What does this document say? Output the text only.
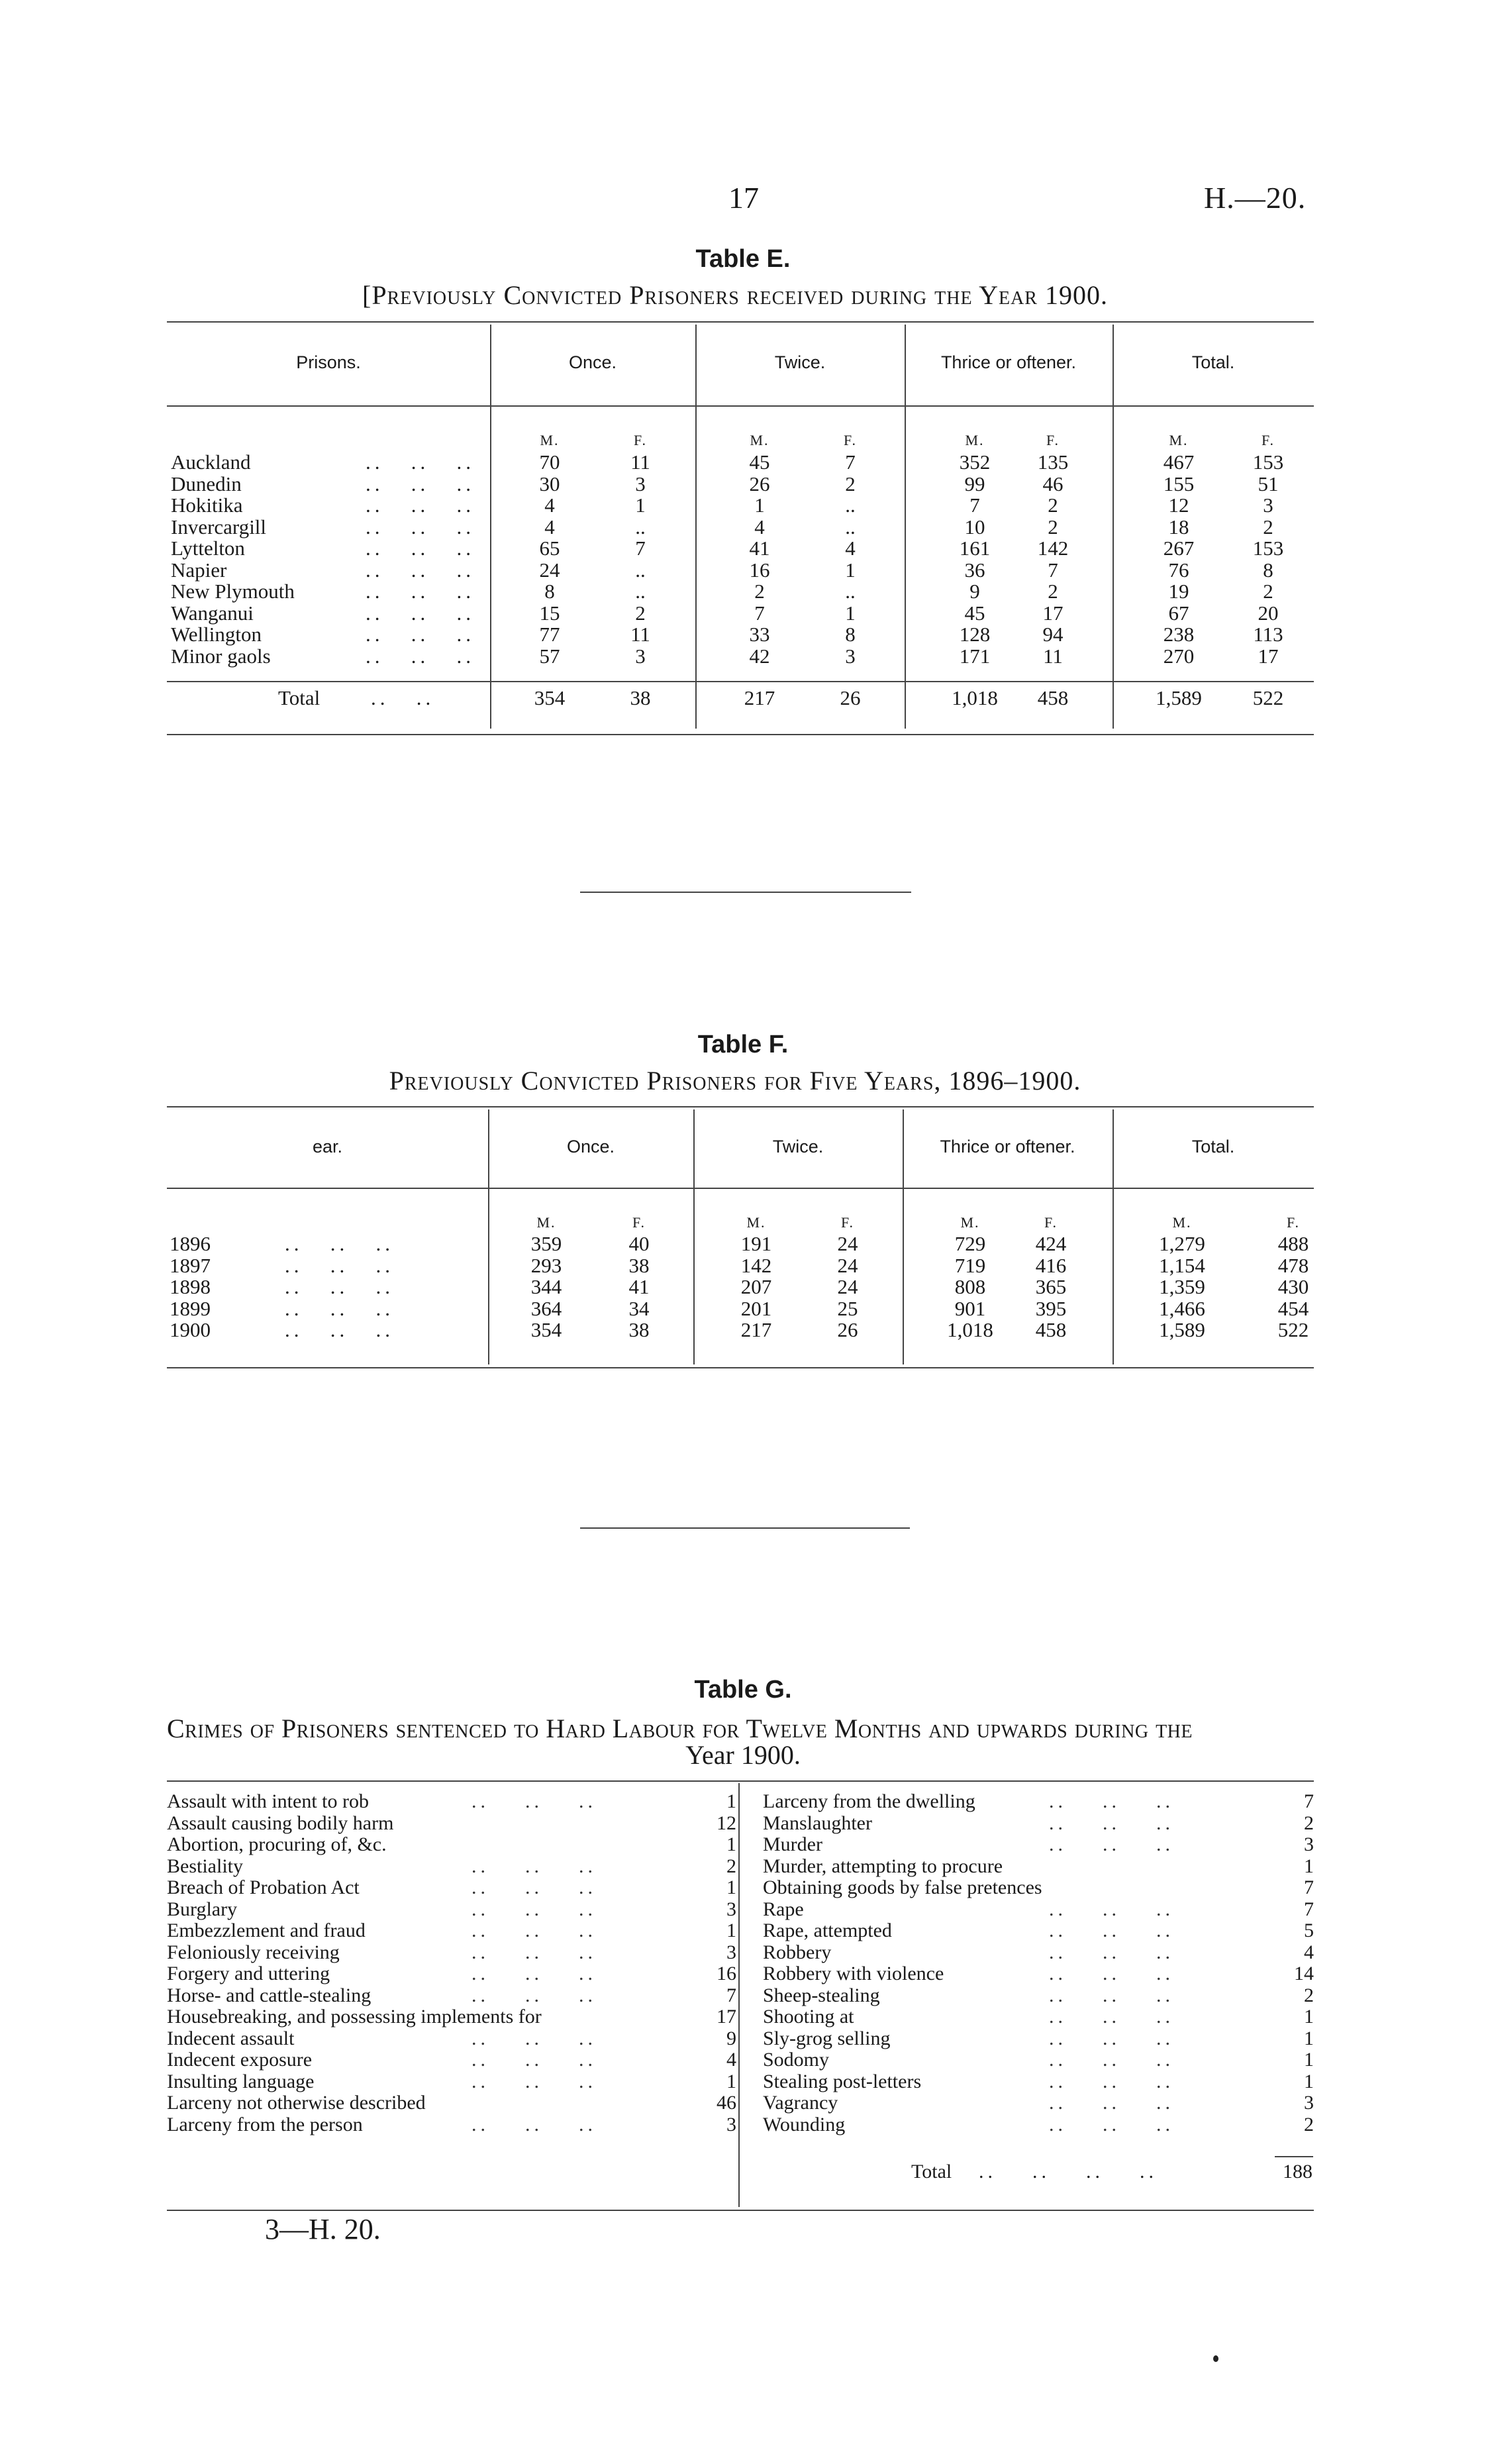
17	H.—20.
Table E.
[Previously Convicted Prisoners received during the Year 1900.
Prisons.	Once.	Twice.	Thrice or oftener.	Total.
M.	F.	M.	F.	M.	F.	M.	F.
Auckland	..   ..   ..	70	11	45	7	352	135	467	153
Dunedin	..   ..   ..	30	3	26	2	99	46	155	51
Hokitika	..   ..   ..	4	1	1	..	7	2	12	3
Invercargill	..   ..   ..	4	..	4	..	10	2	18	2
Lyttelton	..   ..   ..	65	7	41	4	161	142	267	153
Napier	..   ..   ..	24	..	16	1	36	7	76	8
New Plymouth	..   ..   ..	8	..	2	..	9	2	19	2
Wanganui	..   ..   ..	15	2	7	1	45	17	67	20
Wellington	..   ..   ..	77	11	33	8	128	94	238	113
Minor gaols	..   ..   ..	57	3	42	3	171	11	270	17
Total ..   ..	354	38	217	26	1,018	458	1,589	522
Table F.
Previously Convicted Prisoners for Five Years, 1896–1900.
ear.	Once.	Twice.	Thrice or oftener.	Total.
M.	F.	M.	F.	M.	F.	M.	F.
1896	..   ..   ..	359	40	191	24	729	424	1,279	488
1897	..   ..   ..	293	38	142	24	719	416	1,154	478
1898	..   ..   ..	344	41	207	24	808	365	1,359	430
1899	..   ..   ..	364	34	201	25	901	395	1,466	454
1900	..   ..   ..	354	38	217	26	1,018	458	1,589	522
Table G.
Crimes of Prisoners sentenced to Hard Labour for Twelve Months and upwards during the
Year 1900.
Assault with intent to rob	..    ..    ..	1
Assault causing bodily harm	12
Abortion, procuring of, &c.	1
Bestiality	..    ..    ..	2
Breach of Probation Act	..    ..    ..	1
Burglary	..    ..    ..	3
Embezzlement and fraud	..    ..    ..	1
Feloniously receiving	..    ..    ..	3
Forgery and uttering	..    ..    ..	16
Horse- and cattle-stealing	..    ..    ..	7
Housebreaking, and possessing implements for	17
Indecent assault	..    ..    ..	9
Indecent exposure	..    ..    ..	4
Insulting language	..    ..    ..	1
Larceny not otherwise described	46
Larceny from the person	..    ..    ..	3
Larceny from the dwelling	..    ..    ..	7
Manslaughter	..    ..    ..	2
Murder	..    ..    ..	3
Murder, attempting to procure	1
Obtaining goods by false pretences	7
Rape	..    ..    ..	7
Rape, attempted	..    ..    ..	5
Robbery	..    ..    ..	4
Robbery with violence	..    ..    ..	14
Sheep-stealing	..    ..    ..	2
Shooting at	..    ..    ..	1
Sly-grog selling	..    ..    ..	1
Sodomy	..    ..    ..	1
Stealing post-letters	..    ..    ..	1
Vagrancy	..    ..    ..	3
Wounding	..    ..    ..	2
Total ..    ..    ..    ..	188
3—H. 20.
